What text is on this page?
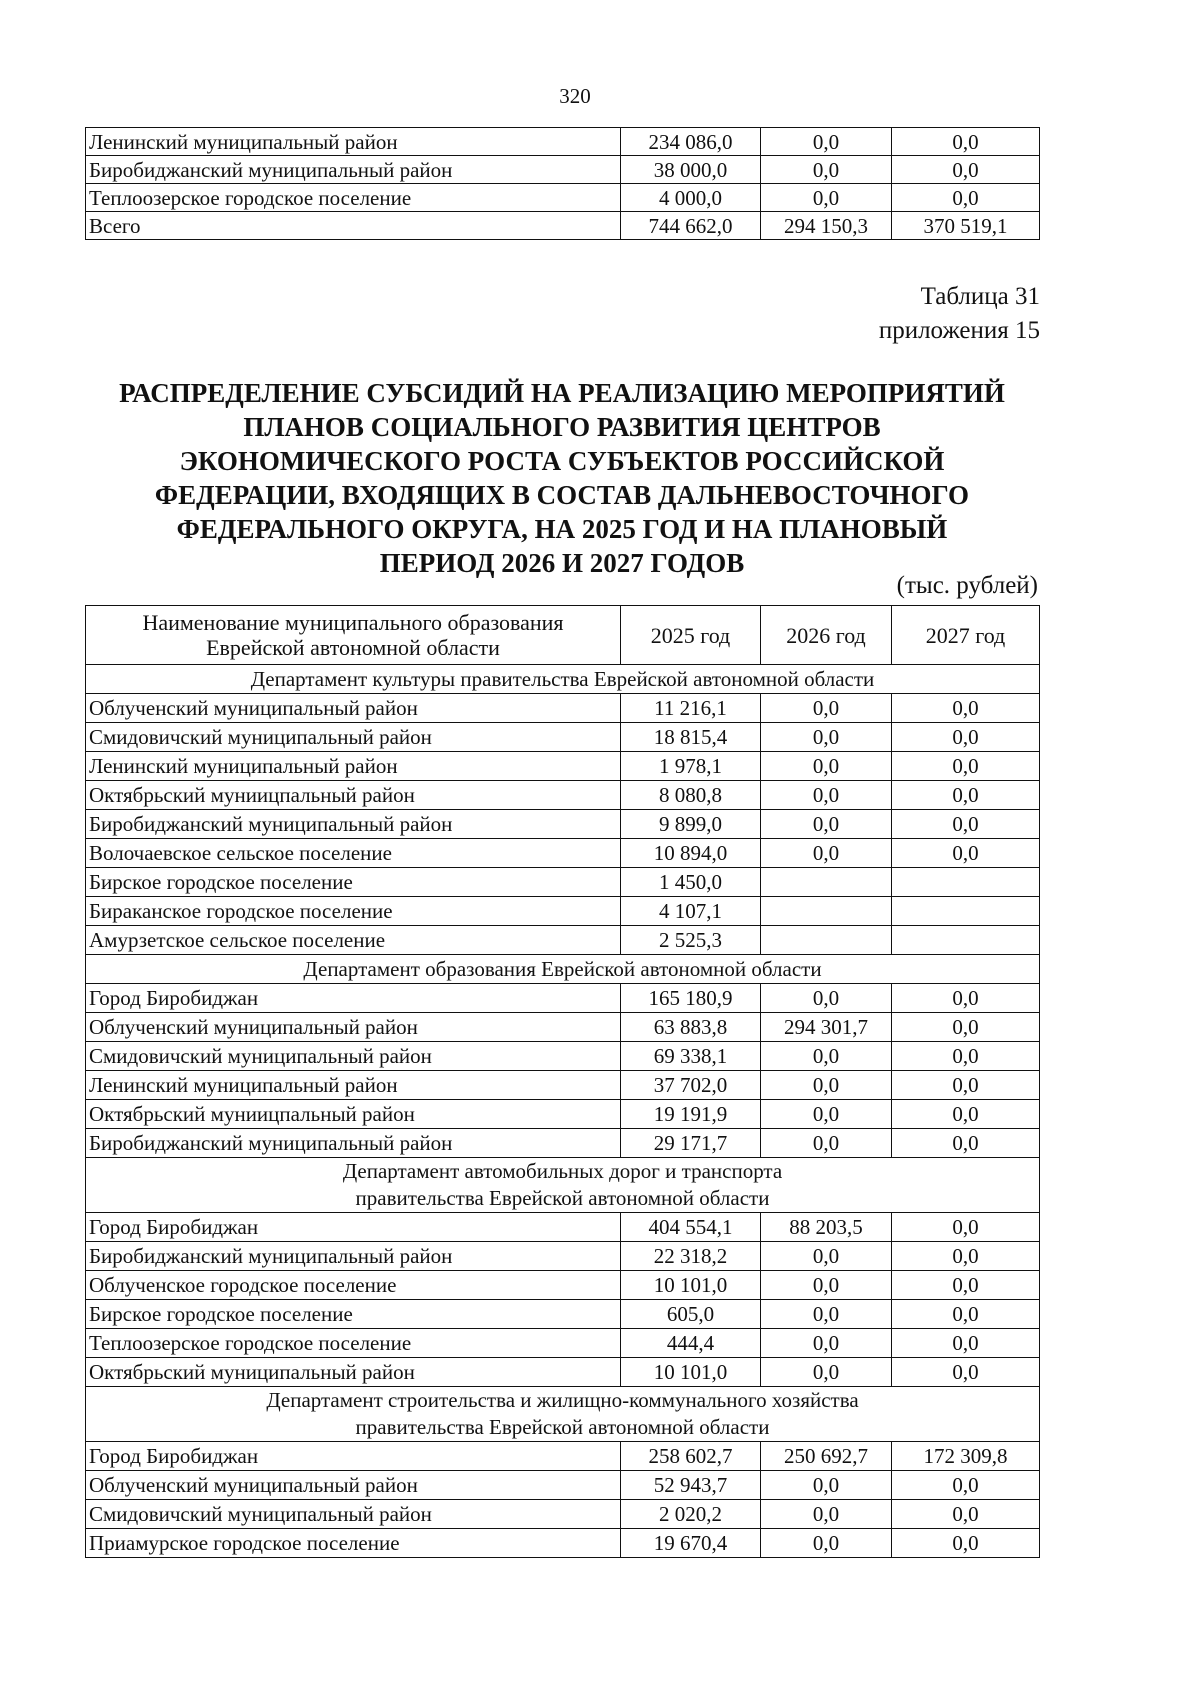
320
Ленинский муниципальный район	234 086,0	0,0	0,0
Биробиджанский муниципальный район	38 000,0	0,0	0,0
Теплоозерское городское поселение	4 000,0	0,0	0,0
Всего	744 662,0	294 150,3	370 519,1
Таблица 31
приложения 15
РАСПРЕДЕЛЕНИЕ СУБСИДИЙ НА РЕАЛИЗАЦИЮ МЕРОПРИЯТИЙ
ПЛАНОВ СОЦИАЛЬНОГО РАЗВИТИЯ ЦЕНТРОВ
ЭКОНОМИЧЕСКОГО РОСТА СУБЪЕКТОВ РОССИЙСКОЙ
ФЕДЕРАЦИИ, ВХОДЯЩИХ В СОСТАВ ДАЛЬНЕВОСТОЧНОГО
ФЕДЕРАЛЬНОГО ОКРУГА, НА 2025 ГОД И НА ПЛАНОВЫЙ
ПЕРИОД 2026 И 2027 ГОДОВ
(тыс. рублей)
Наименование муниципального образования
Еврейской автономной области	2025 год	2026 год	2027 год

Департамент культуры правительства Еврейской автономной области			

Облученский муниципальный район	11 216,1	0,0	0,0
Смидовичский муниципальный район	18 815,4	0,0	0,0
Ленинский муниципальный район	1 978,1	0,0	0,0
Октябрьский муниицпальный район	8 080,8	0,0	0,0
Биробиджанский муниципальный район	9 899,0	0,0	0,0
Волочаевское сельское поселение	10 894,0	0,0	0,0
Бирское городское поселение	1 450,0		
Бираканское городское поселение	4 107,1		
Амурзетское сельское поселение	2 525,3		

Департамент образования Еврейской автономной области			

Город Биробиджан	165 180,9	0,0	0,0
Облученский муниципальный район	63 883,8	294 301,7	0,0
Смидовичский муниципальный район	69 338,1	0,0	0,0
Ленинский муниципальный район	37 702,0	0,0	0,0
Октябрьский муниицпальный район	19 191,9	0,0	0,0
Биробиджанский муниципальный район	29 171,7	0,0	0,0

Департамент автомобильных дорог и транспорта
правительства Еврейской автономной области			

Город Биробиджан	404 554,1	88 203,5	0,0
Биробиджанский муниципальный район	22 318,2	0,0	0,0
Облученское городское поселение	10 101,0	0,0	0,0
Бирское городское поселение	605,0	0,0	0,0
Теплоозерское городское поселение	444,4	0,0	0,0
Октябрьский муниципальный район	10 101,0	0,0	0,0

Департамент строительства и жилищно-коммунального хозяйства
правительства Еврейской автономной области			

Город Биробиджан	258 602,7	250 692,7	172 309,8
Облученский муниципальный район	52 943,7	0,0	0,0
Смидовичский муниципальный район	2 020,2	0,0	0,0
Приамурское городское поселение	19 670,4	0,0	0,0
